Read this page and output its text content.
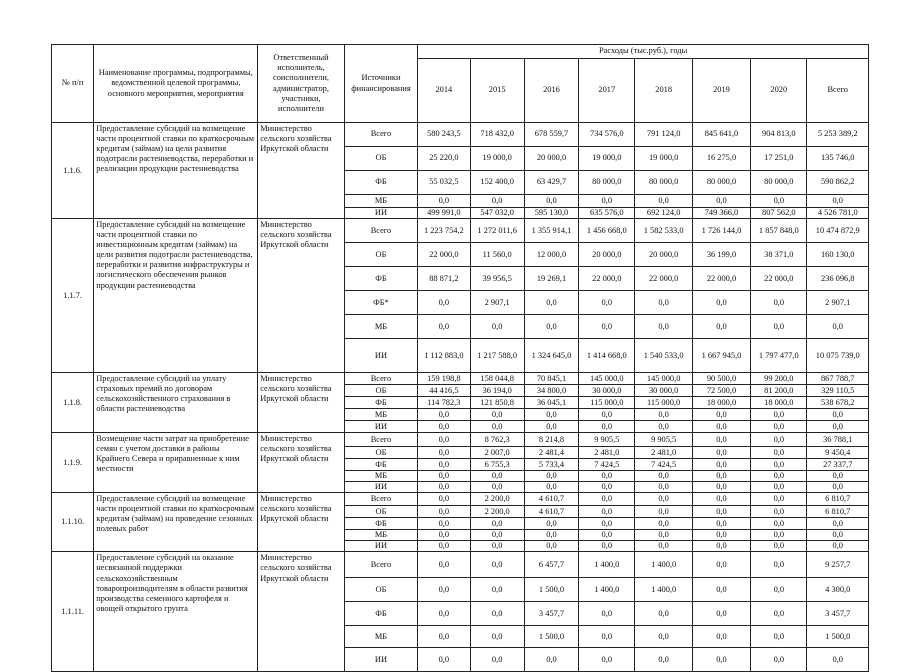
№ п/п	Наименование программы, подпрограммы, ведомственной целевой программы, основного мероприятия, мероприятия	Ответственный исполнитель, соисполнители, администратор, участники, исполнители	Источники финансирования	Расходы (тыс.руб.), годы							
				2014	2015	2016	2017	2018	2019	2020	Всего
1.1.6.	Предоставление субсидий на возмещение части процентной ставки по краткосрочным кредитам (займам) на цели развития подотрасли растениеводства, переработки и реализации продукции растениеводства	Министерство сельского хозяйства Иркутской области	Всего	580 243,5	718 432,0	678 559,7	734 576,0	791 124,0	845 641,0	904 813,0	5 253 389,2
			ОБ	25 220,0	19 000,0	20 000,0	19 000,0	19 000,0	16 275,0	17 251,0	135 746,0
			ФБ	55 032,5	152 400,0	63 429,7	80 000,0	80 000,0	80 000,0	80 000,0	590 862,2
			МБ	0,0	0,0	0,0	0,0	0,0	0,0	0,0	0,0
			ИИ	499 991,0	547 032,0	595 130,0	635 576,0	692 124,0	749 366,0	807 562,0	4 526 781,0
1.1.7.	Предоставление субсидий на возмещение части процентной ставки по инвестиционным кредитам (займам) на цели развития подотрасли растениеводства, переработки и развития инфраструктуры и логистического обеспечения рынков продукции растениеводства	Министерство сельского хозяйства Иркутской области	Всего	1 223 754,2	1 272 011,6	1 355 914,1	1 456 668,0	1 582 533,0	1 726 144,0	1 857 848,0	10 474 872,9
			ОБ	22 000,0	11 560,0	12 000,0	20 000,0	20 000,0	36 199,0	38 371,0	160 130,0
			ФБ	88 871,2	39 956,5	19 269,1	22 000,0	22 000,0	22 000,0	22 000,0	236 096,8
			ФБ*	0,0	2 907,1	0,0	0,0	0,0	0,0	0,0	2 907,1
			МБ	0,0	0,0	0,0	0,0	0,0	0,0	0,0	0,0
			ИИ	1 112 883,0	1 217 588,0	1 324 645,0	1 414 668,0	1 540 533,0	1 667 945,0	1 797 477,0	10 075 739,0
1.1.8.	Предоставление субсидий на уплату страховых премий по договорам сельскохозяйственного страхования в области растениеводства	Министерство сельского хозяйства Иркутской области	Всего	159 198,8	158 044,8	70 845,1	145 000,0	145 000,0	90 500,0	99 200,0	867 788,7
			ОБ	44 416,5	36 194,0	34 800,0	30 000,0	30 000,0	72 500,0	81 200,0	329 110,5
			ФБ	114 782,3	121 850,8	36 045,1	115 000,0	115 000,0	18 000,0	18 000,0	538 678,2
			МБ	0,0	0,0	0,0	0,0	0,0	0,0	0,0	0,0
			ИИ	0,0	0,0	0,0	0,0	0,0	0,0	0,0	0,0
1.1.9.	Возмещение части затрат на приобретение семян с учетом доставки в районы Крайнего Севера и приравненные к ним местности	Министерство сельского хозяйства Иркутской области	Всего	0,0	8 762,3	8 214,8	9 905,5	9 905,5	0,0	0,0	36 788,1
			ОБ	0,0	2 007,0	2 481,4	2 481,0	2 481,0	0,0	0,0	9 450,4
			ФБ	0,0	6 755,3	5 733,4	7 424,5	7 424,5	0,0	0,0	27 337,7
			МБ	0,0	0,0	0,0	0,0	0,0	0,0	0,0	0,0
			ИИ	0,0	0,0	0,0	0,0	0,0	0,0	0,0	0,0
1.1.10.	Предоставление субсидий на возмещение части процентной ставки по краткосрочным кредитам (займам) на проведение сезонных полевых работ	Министерство сельского хозяйства Иркутской области	Всего	0,0	2 200,0	4 610,7	0,0	0,0	0,0	0,0	6 810,7
			ОБ	0,0	2 200,0	4 610,7	0,0	0,0	0,0	0,0	6 810,7
			ФБ	0,0	0,0	0,0	0,0	0,0	0,0	0,0	0,0
			МБ	0,0	0,0	0,0	0,0	0,0	0,0	0,0	0,0
			ИИ	0,0	0,0	0,0	0,0	0,0	0,0	0,0	0,0
1.1.11.	Предоставление субсидий на оказание несвязанной поддержки сельскохозяйственным товаропроизводителям в области развития производства семенного картофеля и овощей открытого грунта	Министерство сельского хозяйства Иркутской области	Всего	0,0	0,0	6 457,7	1 400,0	1 400,0	0,0	0,0	9 257,7
			ОБ	0,0	0,0	1 500,0	1 400,0	1 400,0	0,0	0,0	4 300,0
			ФБ	0,0	0,0	3 457,7	0,0	0,0	0,0	0,0	3 457,7
			МБ	0,0	0,0	1 500,0	0,0	0,0	0,0	0,0	1 500,0
			ИИ	0,0	0,0	0,0	0,0	0,0	0,0	0,0	0,0
